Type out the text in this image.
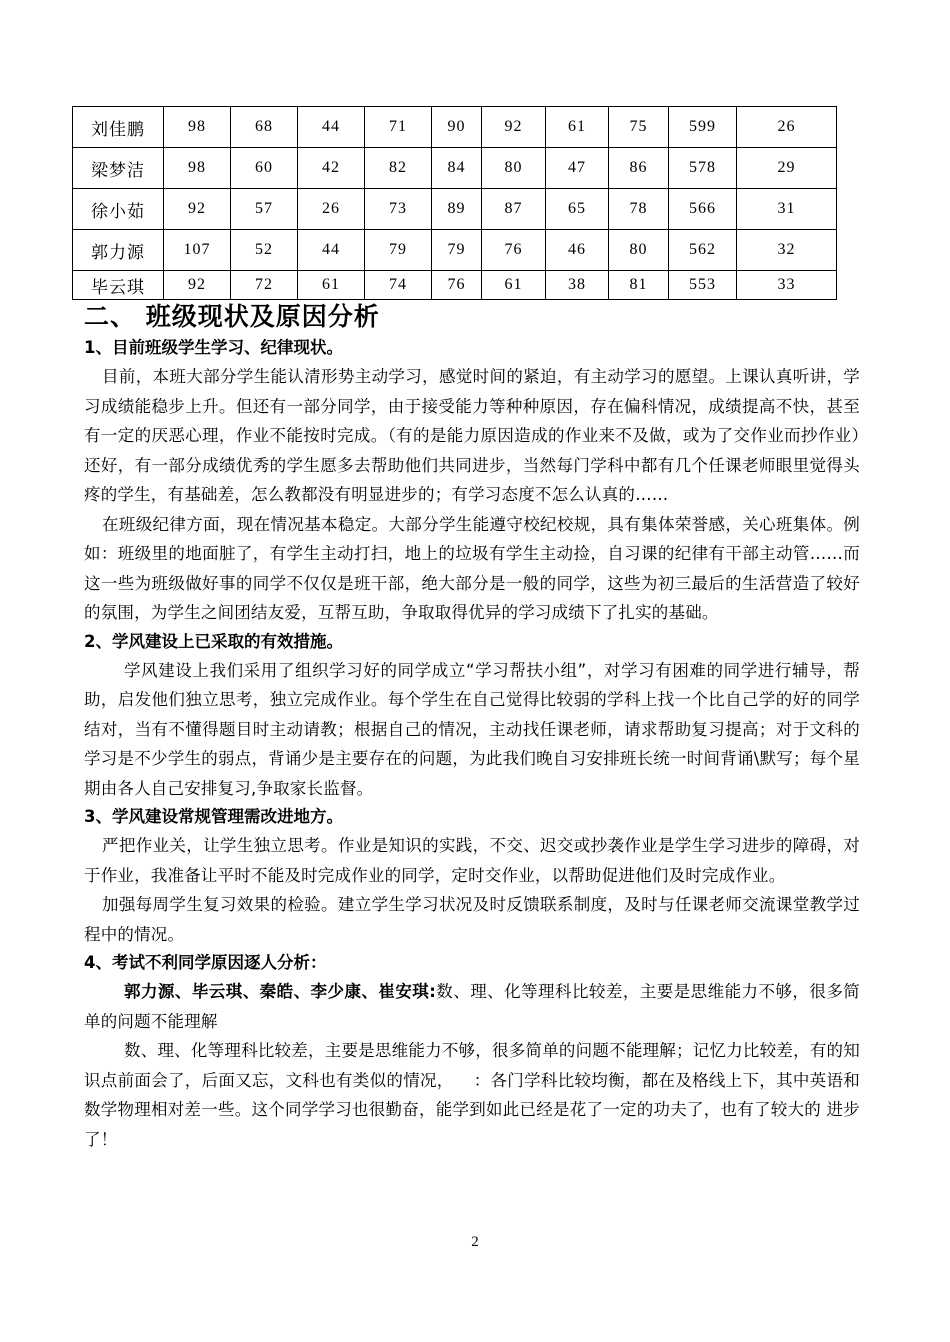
刘佳鹏	98	68	44	71	90	92	61	75	599	26
梁梦洁	98	60	42	82	84	80	47	86	578	29
徐小茹	92	57	26	73	89	87	65	78	566	31
郭力源	107	52	44	79	79	76	46	80	562	32
毕云琪	92	72	61	74	76	61	38	81	553	33
二、 班级现状及原因分析
1、目前班级学生学习、纪律现状。

目前，本班大部分学生能认清形势主动学习，感觉时间的紧迫，有主动学习的愿望。上课认真听讲，学习成绩能稳步上升。但还有一部分同学，由于接受能力等种种原因，存在偏科情况，成绩提高不快，甚至有一定的厌恶心理，作业不能按时完成。（有的是能力原因造成的作业来不及做，或为了交作业而抄作业）还好，有一部分成绩优秀的学生愿多去帮助他们共同进步，当然每门学科中都有几个任课老师眼里觉得头疼的学生，有基础差，怎么教都没有明显进步的；有学习态度不怎么认真的……

在班级纪律方面，现在情况基本稳定。大部分学生能遵守校纪校规，具有集体荣誉感，关心班集体。例如：班级里的地面脏了，有学生主动打扫，地上的垃圾有学生主动捡，自习课的纪律有干部主动管……而这一些为班级做好事的同学不仅仅是班干部，绝大部分是一般的同学，这些为初三最后的生活营造了较好的氛围，为学生之间团结友爱，互帮互助，争取取得优异的学习成绩下了扎实的基础。

2、学风建设上已采取的有效措施。

学风建设上我们采用了组织学习好的同学成立“学习帮扶小组”，对学习有困难的同学进行辅导，帮助，启发他们独立思考，独立完成作业。每个学生在自己觉得比较弱的学科上找一个比自己学的好的同学结对，当有不懂得题目时主动请教；根据自己的情况，主动找任课老师，请求帮助复习提高；对于文科的学习是不少学生的弱点，背诵少是主要存在的问题，为此我们晚自习安排班长统一时间背诵\默写；每个星期由各人自己安排复习,争取家长监督。

3、学风建设常规管理需改进地方。

严把作业关，让学生独立思考。作业是知识的实践，不交、迟交或抄袭作业是学生学习进步的障碍，对于作业，我准备让平时不能及时完成作业的同学，定时交作业，以帮助促进他们及时完成作业。

加强每周学生复习效果的检验。建立学生学习状况及时反馈联系制度，及时与任课老师交流课堂教学过程中的情况。

4、考试不利同学原因逐人分析：

郭力源、毕云琪、秦皓、李少康、崔安琪:数、理、化等理科比较差，主要是思维能力不够，很多简单的问题不能理解

数、理、化等理科比较差，主要是思维能力不够，很多简单的问题不能理解；记忆力比较差，有的知识点前面会了，后面又忘，文科也有类似的情况， ：各门学科比较均衡，都在及格线上下，其中英语和数学物理相对差一些。这个同学学习也很勤奋，能学到如此已经是花了一定的功夫了，也有了较大的 进步了！

2
